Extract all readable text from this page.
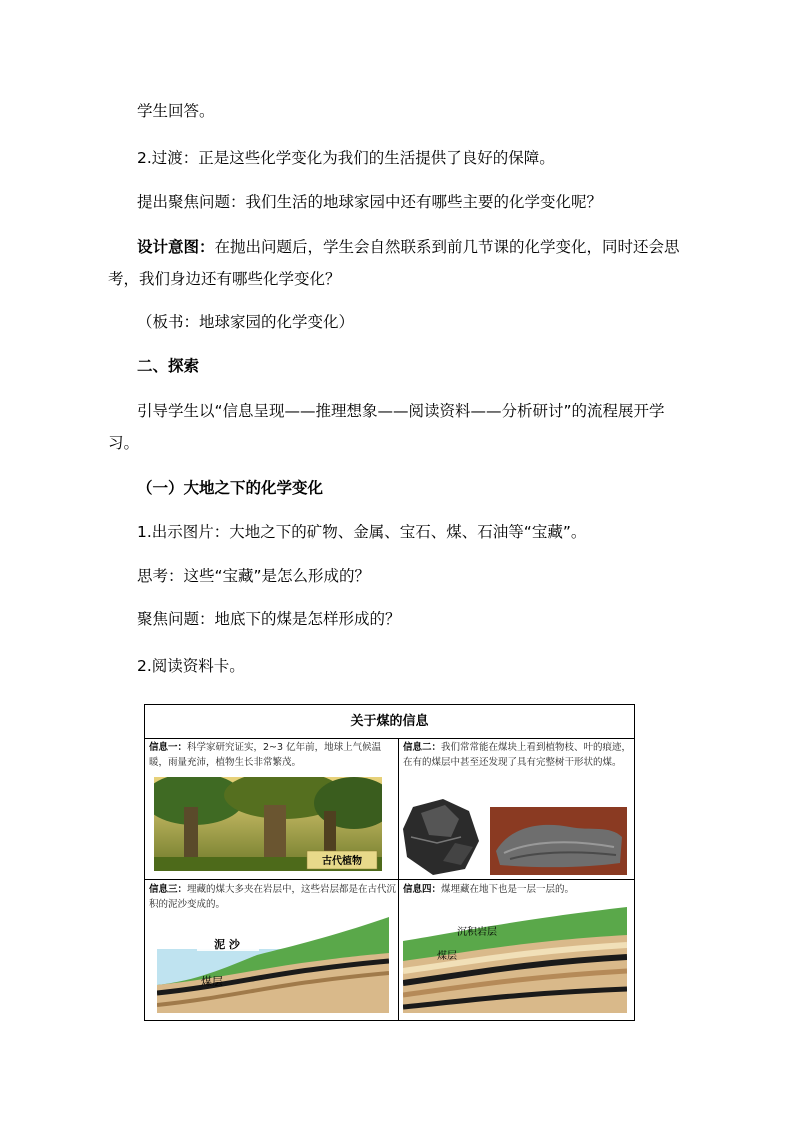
学生回答。
2.过渡：正是这些化学变化为我们的生活提供了良好的保障。
提出聚焦问题：我们生活的地球家园中还有哪些主要的化学变化呢？
设计意图：在抛出问题后，学生会自然联系到前几节课的化学变化，同时还会思考，我们身边还有哪些化学变化？
（板书：地球家园的化学变化）
二、探索
引导学生以“信息呈现——推理想象——阅读资料——分析研讨”的流程展开学习。
（一）大地之下的化学变化
1.出示图片：大地之下的矿物、金属、宝石、煤、石油等“宝藏”。
思考：这些“宝藏”是怎么形成的？
聚焦问题：地底下的煤是怎样形成的？
2.阅读资料卡。
关于煤的信息
信息一：科学家研究证实，2~3 亿年前，地球上气候温暖，雨量充沛，植物生长非常繁茂。
古代植物
信息二：我们常常能在煤块上看到植物枝、叶的痕迹，在有的煤层中甚至还发现了具有完整树干形状的煤。
信息三：埋藏的煤大多夹在岩层中，这些岩层都是在古代沉积的泥沙变成的。
泥 沙
煤层
信息四：煤埋藏在地下也是一层一层的。
沉积岩层
煤层
